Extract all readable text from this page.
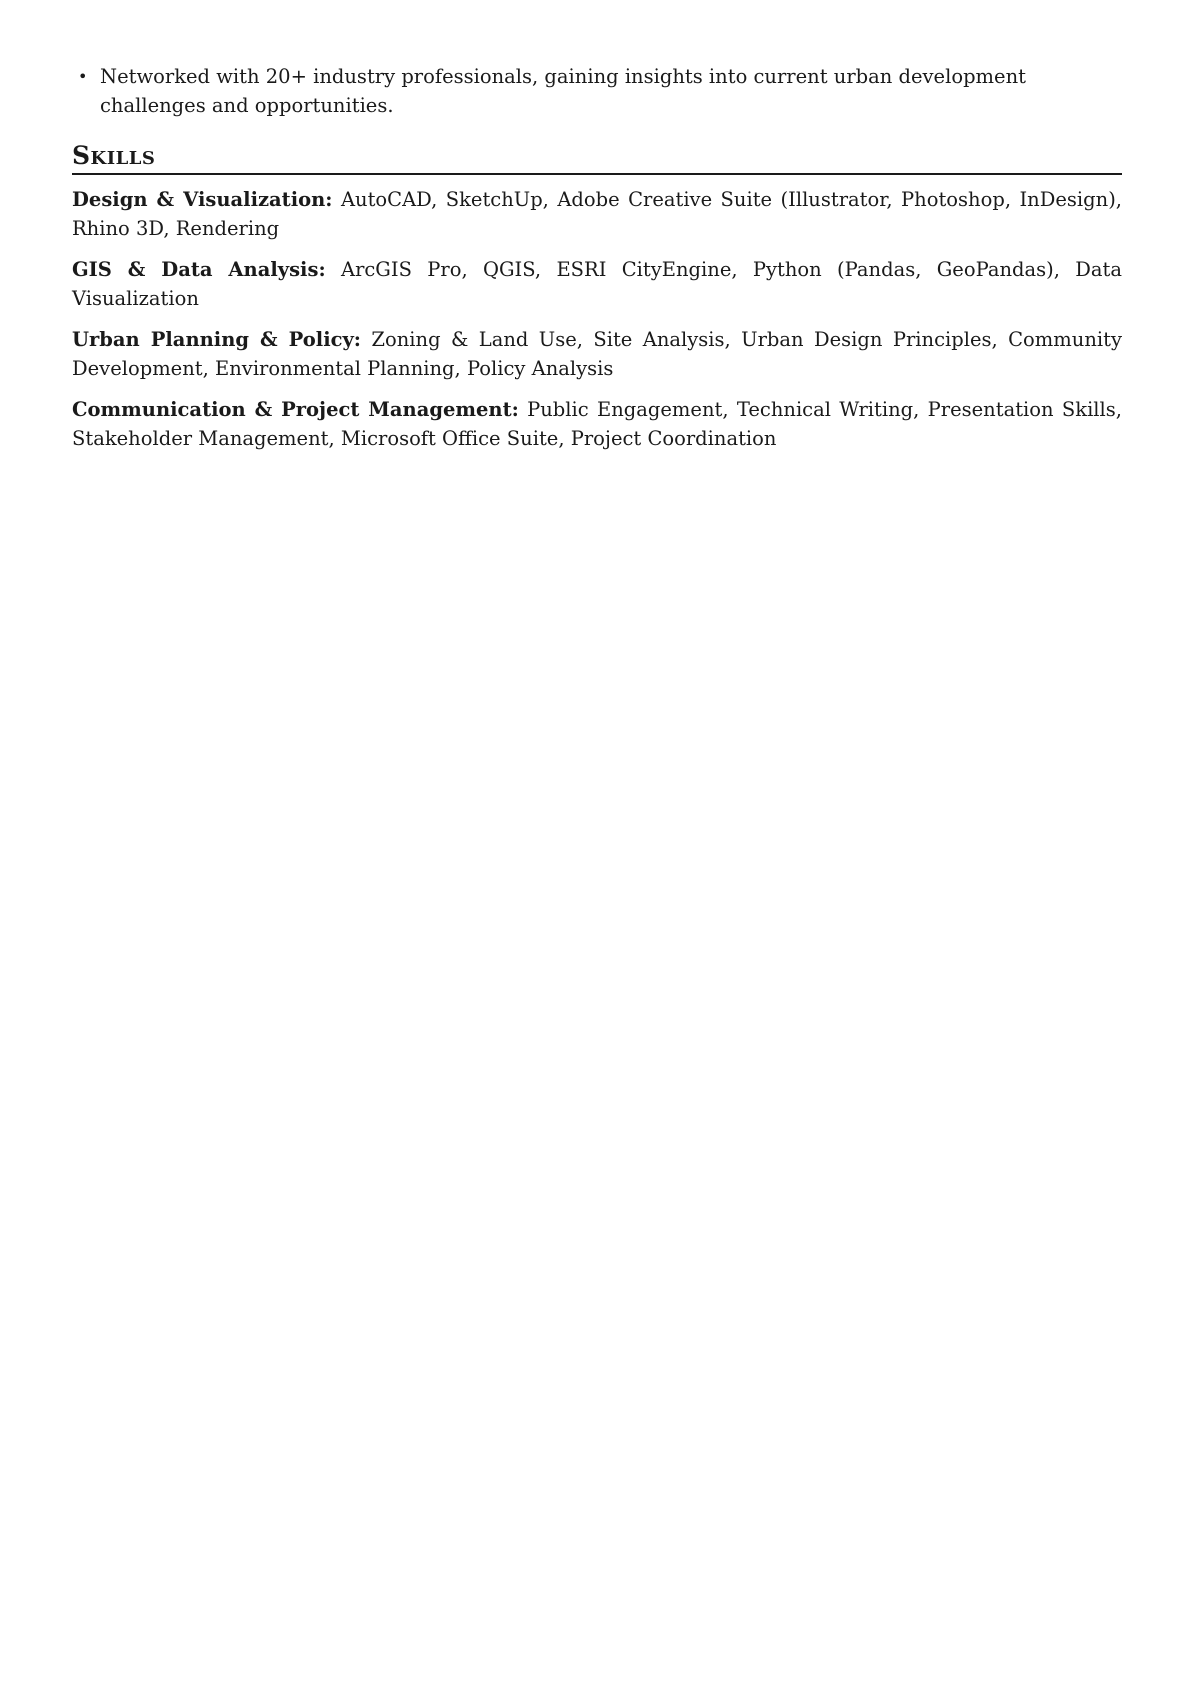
• Networked with 20+ industry professionals, gaining insights into current urban development challenges and opportunities.
Skills
Design & Visualization: AutoCAD, SketchUp, Adobe Creative Suite (Illustrator, Photoshop, InDesign), Rhino 3D, Rendering
GIS & Data Analysis: ArcGIS Pro, QGIS, ESRI CityEngine, Python (Pandas, GeoPandas), Data Visualization
Urban Planning & Policy: Zoning & Land Use, Site Analysis, Urban Design Principles, Community Development, Environmental Planning, Policy Analysis
Communication & Project Management: Public Engagement, Technical Writing, Presentation Skills, Stakeholder Management, Microsoft Office Suite, Project Coordination
